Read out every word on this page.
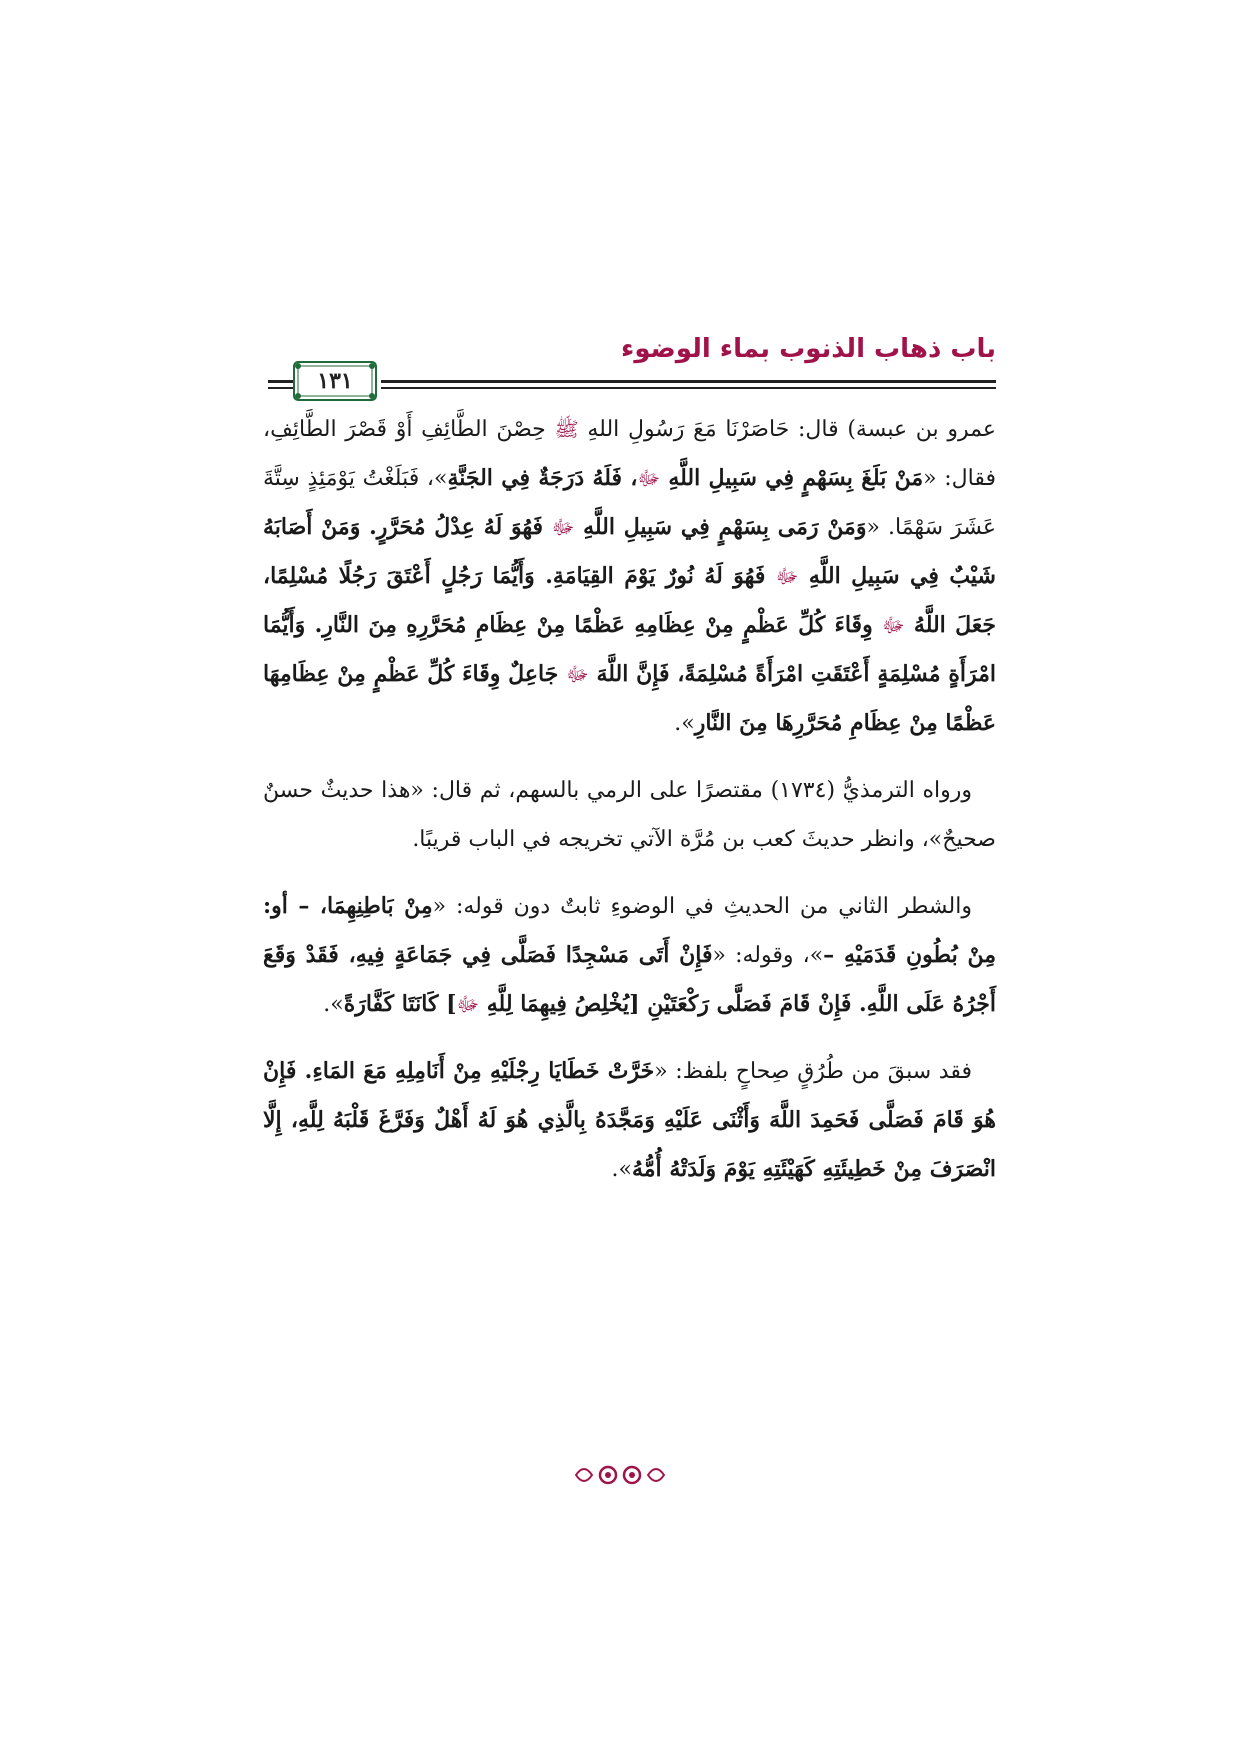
باب ذهاب الذنوب بماء الوضوء
١٣١

عمرو بن عبسة) قال: حَاصَرْنَا مَعَ رَسُولِ اللهِ ﷺ حِصْنَ الطَّائِفِ أَوْ قَصْرَ الطَّائِفِ، فقال: «مَنْ بَلَغَ بِسَهْمٍ فِي سَبِيلِ اللَّهِ ﷻ، فَلَهُ دَرَجَةٌ فِي الجَنَّةِ»، فَبَلَغْتُ يَوْمَئِذٍ سِتَّةَ عَشَرَ سَهْمًا. «وَمَنْ رَمَى بِسَهْمٍ فِي سَبِيلِ اللَّهِ ﷻ فَهُوَ لَهُ عِدْلُ مُحَرَّرٍ. وَمَنْ أَصَابَهُ شَيْبٌ فِي سَبِيلِ اللَّهِ ﷻ فَهُوَ لَهُ نُورٌ يَوْمَ القِيَامَةِ. وَأَيُّمَا رَجُلٍ أَعْتَقَ رَجُلًا مُسْلِمًا، جَعَلَ اللَّهُ ﷻ وِقَاءَ كُلِّ عَظْمٍ مِنْ عِظَامِهِ عَظْمًا مِنْ عِظَامِ مُحَرَّرِهِ مِنَ النَّارِ. وَأَيُّمَا امْرَأَةٍ مُسْلِمَةٍ أَعْتَقَتِ امْرَأَةً مُسْلِمَةً، فَإِنَّ اللَّهَ ﷻ جَاعِلٌ وِقَاءَ كُلِّ عَظْمٍ مِنْ عِظَامِهَا عَظْمًا مِنْ عِظَامِ مُحَرَّرِهَا مِنَ النَّارِ».

ورواه الترمذيُّ (١٧٣٤) مقتصرًا على الرمي بالسهم، ثم قال: «هذا حديثٌ حسنٌ صحيحٌ»، وانظر حديثَ كعب بن مُرَّة الآتي تخريجه في الباب قريبًا.

والشطر الثاني من الحديثِ في الوضوءِ ثابتٌ دون قوله: «مِنْ بَاطِنِهِمَا، – أو: مِنْ بُطُونِ قَدَمَيْهِ –»، وقوله: «فَإِنْ أَتَى مَسْجِدًا فَصَلَّى فِي جَمَاعَةٍ فِيهِ، فَقَدْ وَقَعَ أَجْرُهُ عَلَى اللَّهِ. فَإِنْ قَامَ فَصَلَّى رَكْعَتَيْنِ [يُخْلِصُ فِيهِمَا لِلَّهِ ﷻ] كَانَتَا كَفَّارَةً».

فقد سبقَ من طُرُقٍ صِحاحٍ بلفظ: «خَرَّتْ خَطَايَا رِجْلَيْهِ مِنْ أَنَامِلِهِ مَعَ المَاءِ. فَإِنْ هُوَ قَامَ فَصَلَّى فَحَمِدَ اللَّهَ وَأَثْنَى عَلَيْهِ وَمَجَّدَهُ بِالَّذِي هُوَ لَهُ أَهْلٌ وَفَرَّغَ قَلْبَهُ لِلَّهِ، إِلَّا انْصَرَفَ مِنْ خَطِيئَتِهِ كَهَيْئَتِهِ يَوْمَ وَلَدَتْهُ أُمُّهُ».
